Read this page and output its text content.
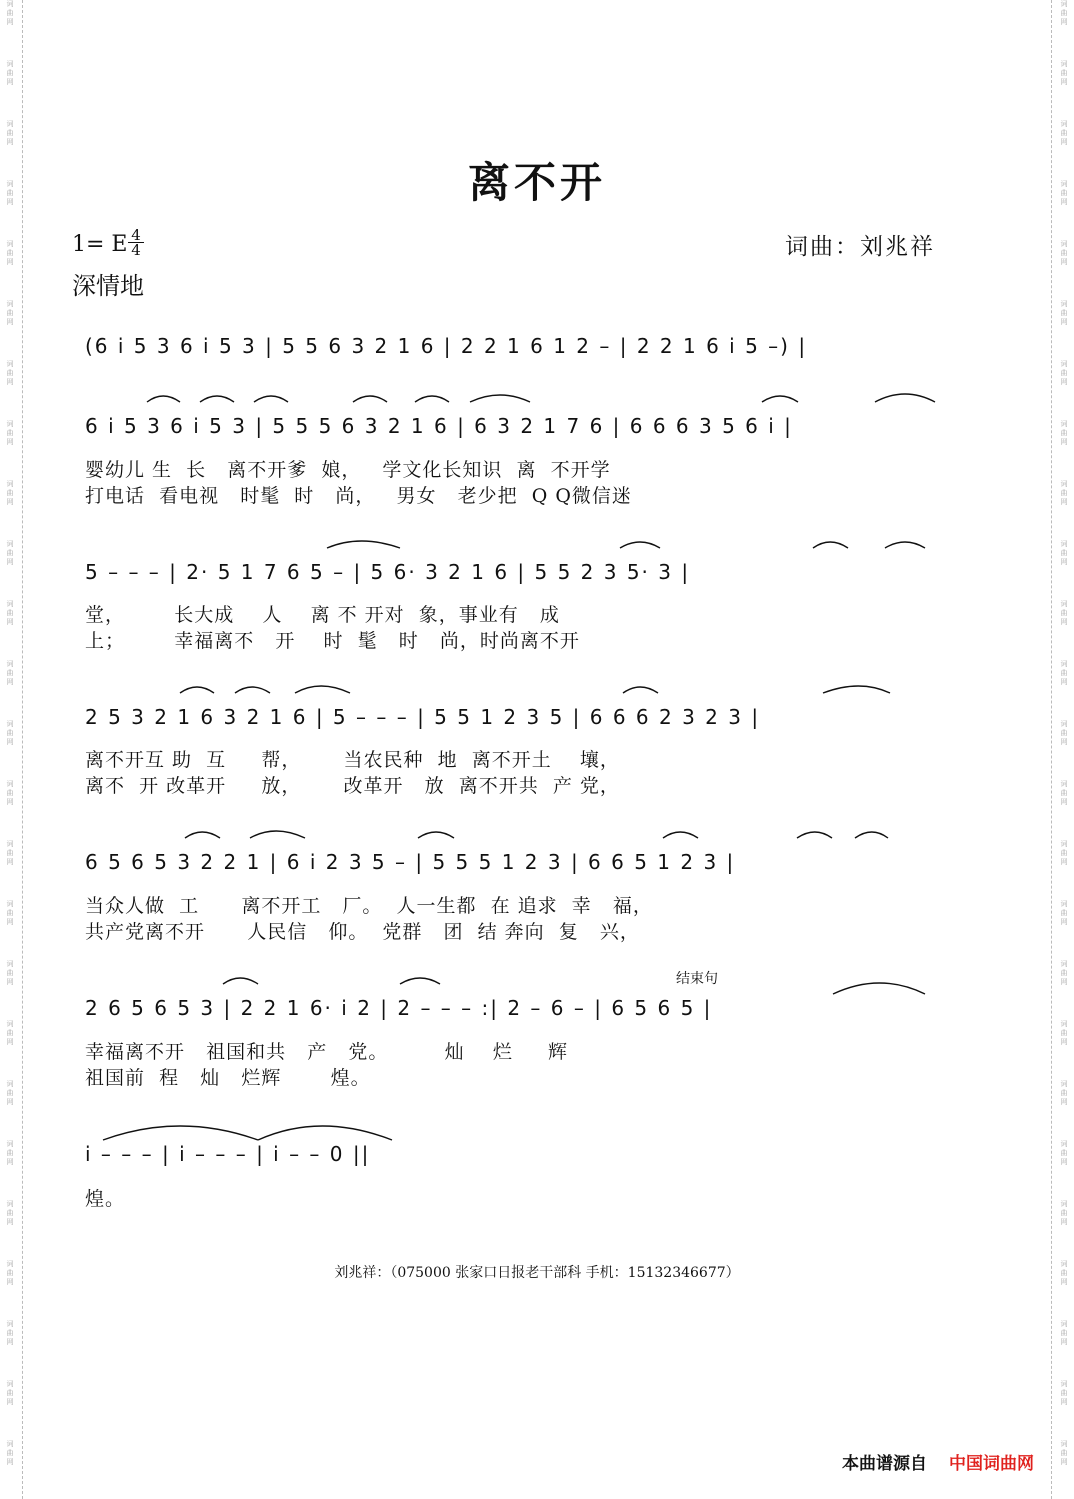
词
曲
网
词
曲
网
词
曲
网
词
曲
网
词
曲
网
词
曲
网
词
曲
网
词
曲
网
词
曲
网
词
曲
网
词
曲
网
词
曲
网
词
曲
网
词
曲
网
词
曲
网
词
曲
网
词
曲
网
词
曲
网
词
曲
网
词
曲
网
词
曲
网
词
曲
网
词
曲
网
词
曲
网
词
曲
网
词
曲
网
词
曲
网
词
曲
网
词
曲
网
词
曲
网
词
曲
网
词
曲
网
词
曲
网
词
曲
网
词
曲
网
词
曲
网
词
曲
网
词
曲
网
词
曲
网
词
曲
网
词
曲
网
词
曲
网
词
曲
网
词
曲
网
词
曲
网
词
曲
网
词
曲
网
词
曲
网
词
曲
网
词
曲
网
离不开
1= E $\frac{4}{4}$
深情地
词曲：刘兆祥
(6 i 5 3 6 i 5 3 | 5 5 6 3 2 1 6 | 2 2 1 6 1 2 – | 2 2 1 6 i 5 –) |
6 i 5 3 6 i 5 3 | 5 5 5 6 3 2 1 6 | 6 3 2 1 7 6 | 6 6 6 3 5 6 i |
婴幼儿 生  长   离不开爹  娘，   学文化长知识  离  不开学
打电话  看电视   时髦  时   尚，   男女   老少把  Q Q微信迷
5 – – – | 2· 5 1 7 6 5 – | 5 6· 3 2 1 6 | 5 5 2 3 5· 3 |
堂，       长大成    人    离 不 开对  象，事业有   成
上；       幸福离不   开    时  髦   时   尚，时尚离不开
2 5 3 2 1 6 3 2 1 6 | 5 – – – | 5 5 1 2 3 5 | 6 6 6 2 3 2 3 |
离不开互 助  互     帮，      当农民种  地  离不开土    壤，
离不  开 改革开     放，      改革开   放  离不开共  产 党，
6 5 6 5 3 2 2 1 | 6 i 2 3 5 – | 5 5 5 1 2 3 | 6 6 5 1 2 3 |
当众人做  工      离不开工   厂。  人一生都  在 追求  幸   福，
共产党离不开      人民信   仰。  党群   团  结 奔向  复   兴，
2 6 5 6 5 3 | 2 2 1 6· i 2 | 2 – – – :| 2 – 6 – | 6 5 6 5 |
幸福离不开   祖国和共   产   党。        灿    烂     辉
祖国前  程   灿   烂辉       煌。
i – – – | i – – – | i – – 0 ||
煌。
结束句
刘兆祥：（075000 张家口日报老干部科 手机：15132346677）
本曲谱源自 中国词曲网
